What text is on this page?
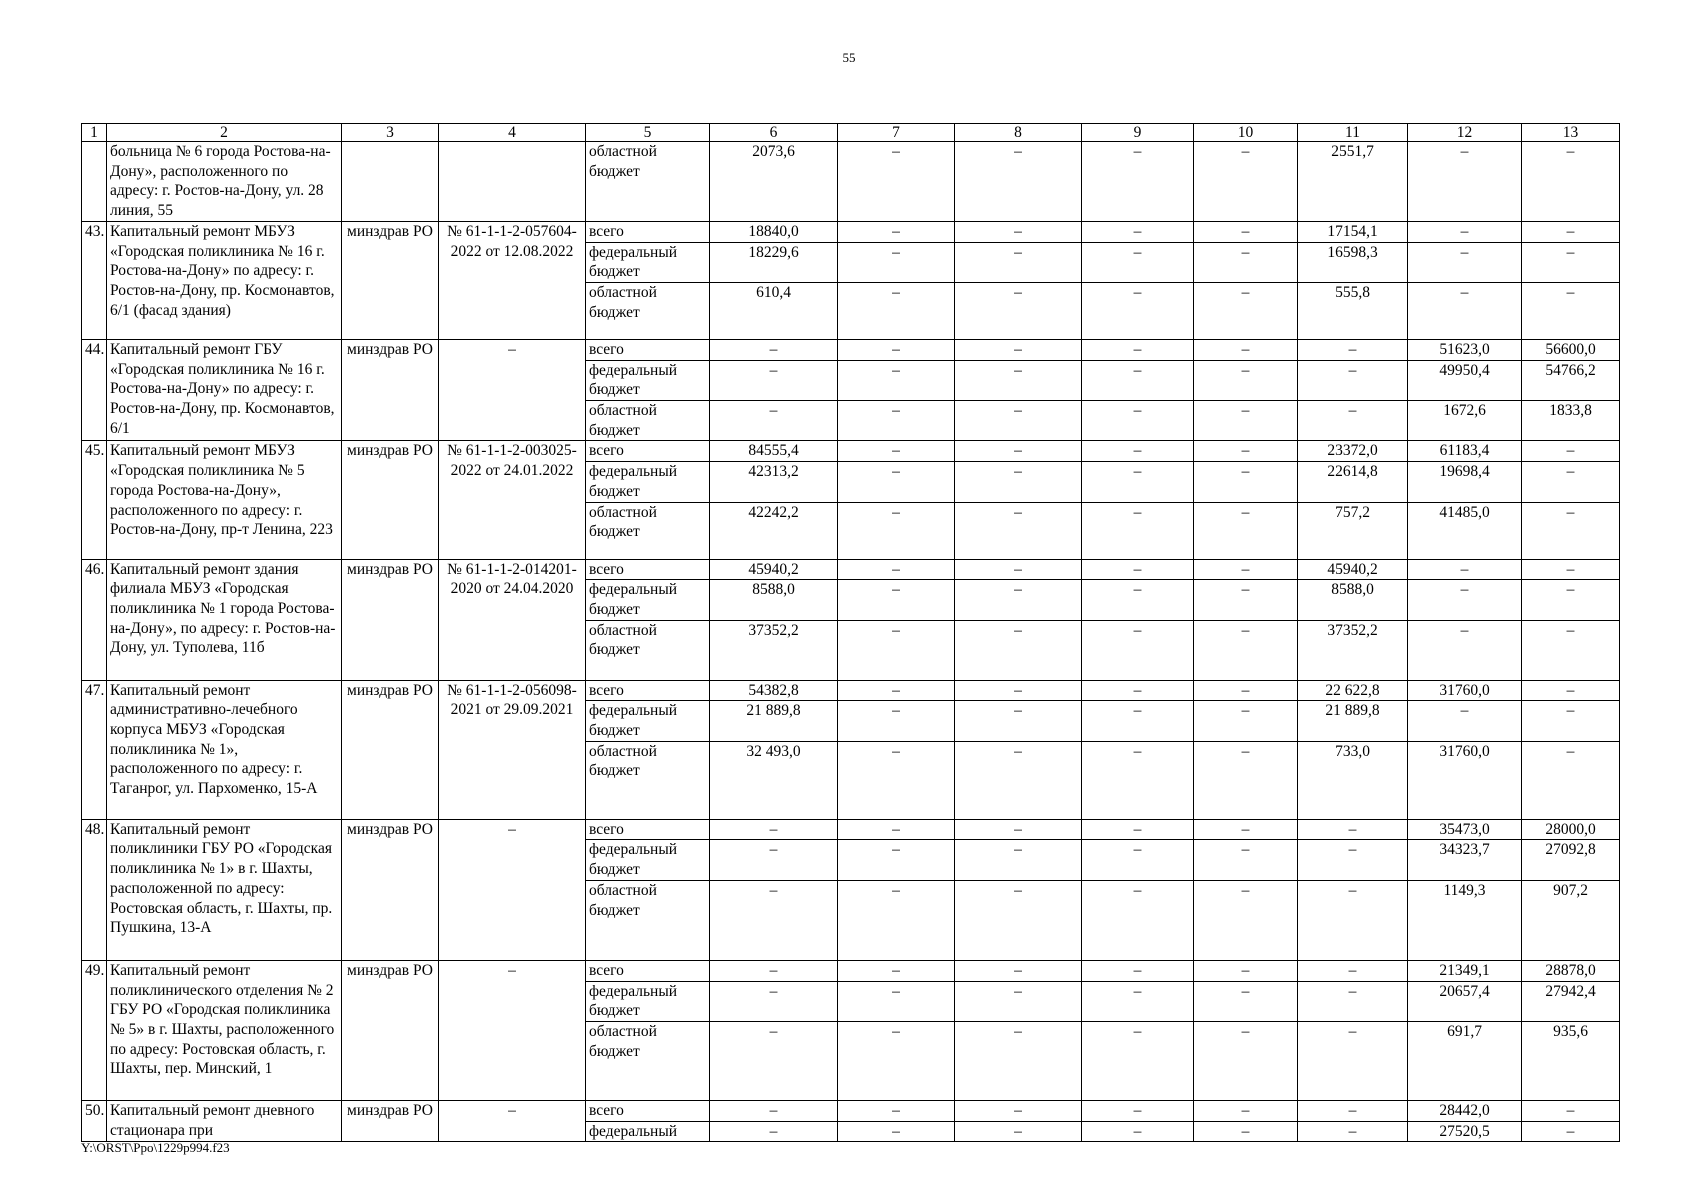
55
1	2	3	4	5	6	7	8	9	10	11	12	13
	больница № 6 города Ростова-на-Дону», расположенного по адресу: г. Ростов-на-Дону, ул. 28 линия, 55			областной бюджет	2073,6	–	–	–	–	2551,7	–	–
43.	Капитальный ремонт МБУЗ «Городская поликлиника № 16 г. Ростова-на-Дону» по адресу: г. Ростов-на-Дону, пр. Космонавтов, 6/1 (фасад здания)	минздрав РО	№ 61-1-1-2-057604-2022 от 12.08.2022	всего	18840,0	–	–	–	–	17154,1	–	–
				федеральный бюджет	18229,6	–	–	–	–	16598,3	–	–
				областной бюджет	610,4	–	–	–	–	555,8	–	–
44.	Капитальный ремонт ГБУ «Городская поликлиника № 16 г. Ростова-на-Дону» по адресу: г. Ростов-на-Дону, пр. Космонавтов, 6/1	минздрав РО	–	всего	–	–	–	–	–	–	51623,0	56600,0
				федеральный бюджет	–	–	–	–	–	–	49950,4	54766,2
				областной бюджет	–	–	–	–	–	–	1672,6	1833,8
45.	Капитальный ремонт МБУЗ «Городская поликлиника № 5 города Ростова-на-Дону», расположенного по адресу: г. Ростов-на-Дону, пр-т Ленина, 223	минздрав РО	№ 61-1-1-2-003025-2022 от 24.01.2022	всего	84555,4	–	–	–	–	23372,0	61183,4	–
				федеральный бюджет	42313,2	–	–	–	–	22614,8	19698,4	–
				областной бюджет	42242,2	–	–	–	–	757,2	41485,0	–
46.	Капитальный ремонт здания филиала МБУЗ «Городская поликлиника № 1 города Ростова-на-Дону», по адресу: г. Ростов-на-Дону, ул. Туполева, 11б	минздрав РО	№ 61-1-1-2-014201-2020 от 24.04.2020	всего	45940,2	–	–	–	–	45940,2	–	–
				федеральный бюджет	8588,0	–	–	–	–	8588,0	–	–
				областной бюджет	37352,2	–	–	–	–	37352,2	–	–
47.	Капитальный ремонт административно-лечебного корпуса МБУЗ «Городская поликлиника № 1», расположенного по адресу: г. Таганрог, ул. Пархоменко, 15-А	минздрав РО	№ 61-1-1-2-056098-2021 от 29.09.2021	всего	54382,8	–	–	–	–	22 622,8	31760,0	–
				федеральный бюджет	21 889,8	–	–	–	–	21 889,8	–	–
				областной бюджет	32 493,0	–	–	–	–	733,0	31760,0	–
48.	Капитальный ремонт поликлиники ГБУ РО «Городская поликлиника № 1» в г. Шахты, расположенной по адресу: Ростовская область, г. Шахты, пр. Пушкина, 13-А	минздрав РО	–	всего	–	–	–	–	–	–	35473,0	28000,0
				федеральный бюджет	–	–	–	–	–	–	34323,7	27092,8
				областной бюджет	–	–	–	–	–	–	1149,3	907,2
49.	Капитальный ремонт поликлинического отделения № 2 ГБУ РО «Городская поликлиника № 5» в г. Шахты, расположенного по адресу: Ростовская область, г. Шахты, пер. Минский, 1	минздрав РО	–	всего	–	–	–	–	–	–	21349,1	28878,0
				федеральный бюджет	–	–	–	–	–	–	20657,4	27942,4
				областной бюджет	–	–	–	–	–	–	691,7	935,6
50.	Капитальный ремонт дневного стационара при	минздрав РО	–	всего	–	–	–	–	–	–	28442,0	–
				федеральный	–	–	–	–	–	–	27520,5	–
Y:\ORST\Ppo\1229p994.f23
